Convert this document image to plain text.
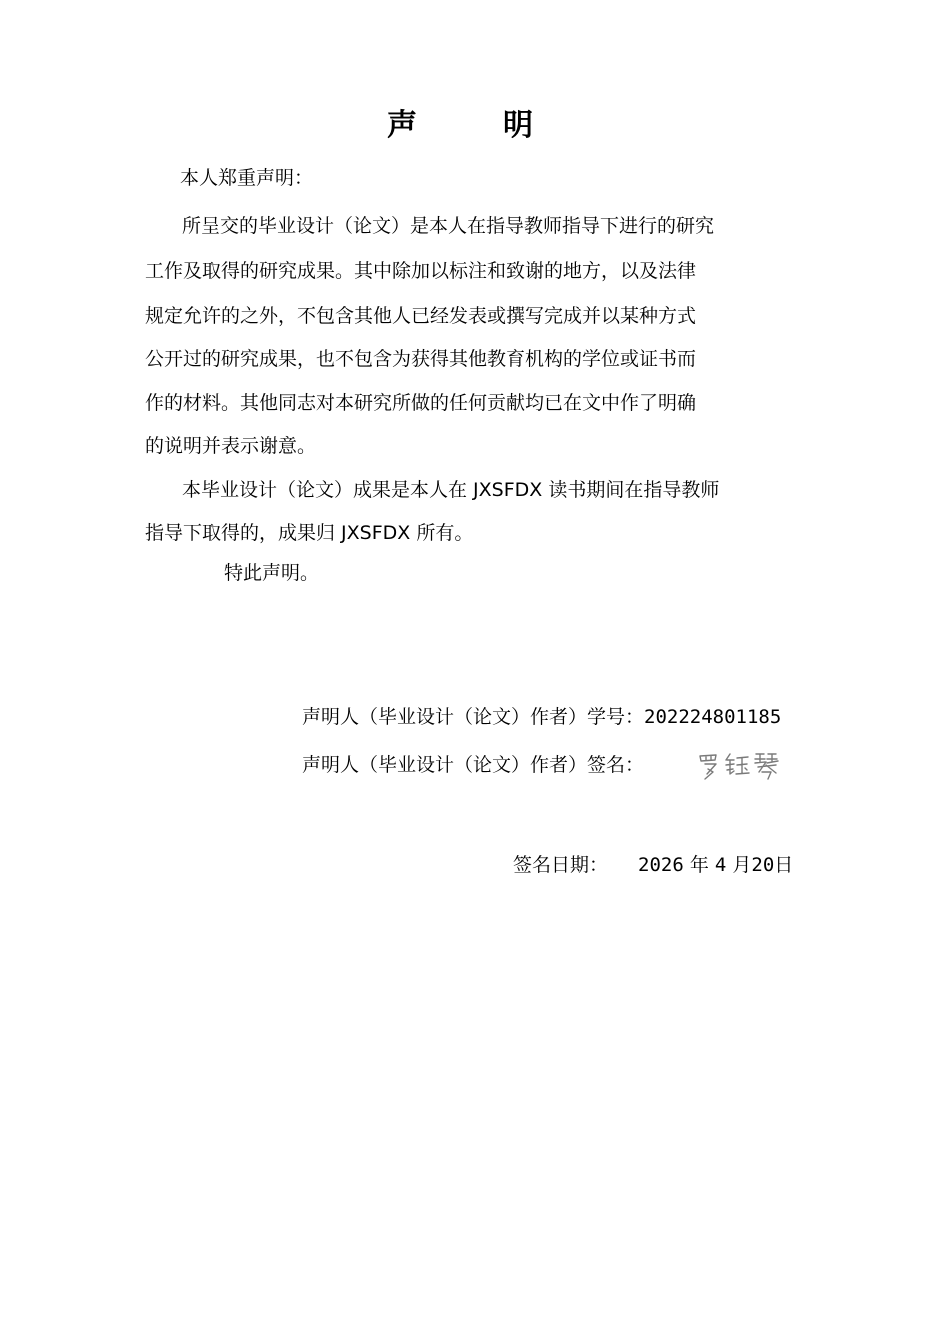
声	明
本人郑重声明：
所呈交的毕业设计（论文）是本人在指导教师指导下进行的研究
工作及取得的研究成果。其中除加以标注和致谢的地方，以及法律
规定允许的之外，不包含其他人已经发表或撰写完成并以某种方式
公开过的研究成果，也不包含为获得其他教育机构的学位或证书而
作的材料。其他同志对本研究所做的任何贡献均已在文中作了明确
的说明并表示谢意。
本毕业设计（论文）成果是本人在 JXSFDX 读书期间在指导教师
指导下取得的，成果归 JXSFDX 所有。
特此声明。
声明人（毕业设计（论文）作者）学号：202224801185
声明人（毕业设计（论文）作者）签名：
签名日期： 2026 年 4 月20日
